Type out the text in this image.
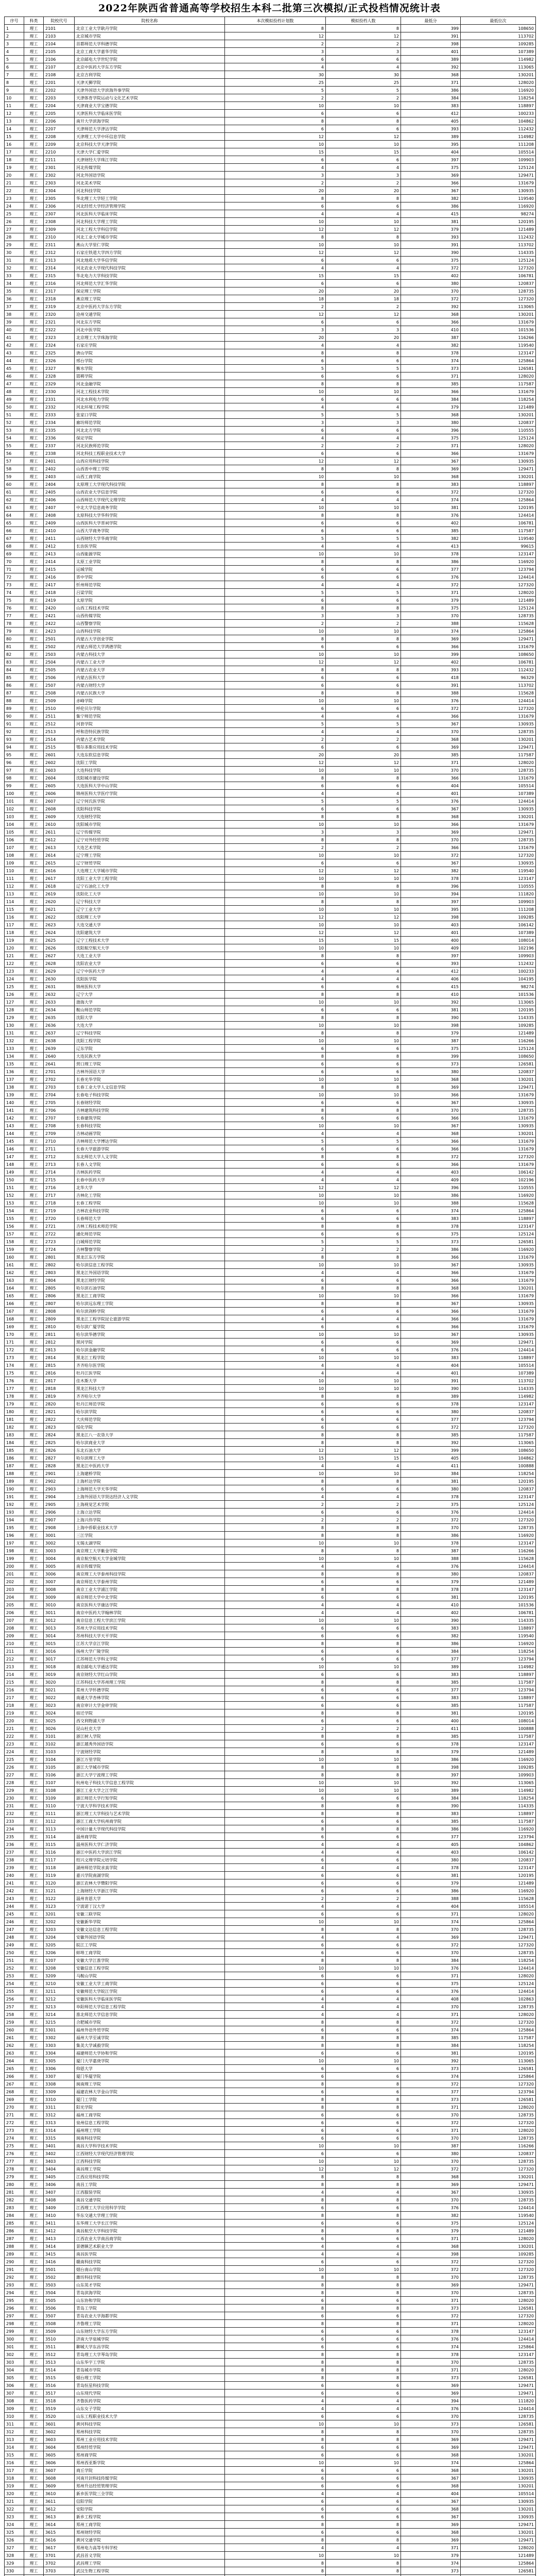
2022年陕西省普通高等学校招生本科二批第三次模拟/正式投档情况统计表
序号	科类	院校代号	院校名称	本次模拟投档计划数	模拟投档人数	最低分	最低位次
1	理工	2101	北京工业大学耿丹学院	8	8	399	108650
2	理工	2103	北京城市学院	12	12	391	113702
3	理工	2104	首都师范大学科德学院	2	2	398	109285
4	理工	2105	北京工商大学嘉华学院	3	3	401	107389
5	理工	2106	北京邮电大学世纪学院	6	6	389	114982
6	理工	2107	北京中医药大学东方学院	4	4	392	113065
7	理工	2108	北京吉利学院	30	30	368	130201
8	理工	2201	天津天狮学院	25	25	371	128020
9	理工	2202	天津外国语大学滨海外事学院	5	5	386	116920
10	理工	2203	天津体育学院运动与文化艺术学院	2	2	384	118254
11	理工	2204	天津商业大学宝德学院	10	10	383	118897
12	理工	2205	天津医科大学临床医学院	6	6	412	100233
13	理工	2206	南开大学滨海学院	8	8	405	104862
14	理工	2207	天津师范大学津沽学院	6	6	393	112432
15	理工	2208	天津理工大学中环信息学院	12	12	389	114982
16	理工	2209	北京科技大学天津学院	10	10	395	111208
17	理工	2210	天津大学仁爱学院	15	15	404	105514
18	理工	2211	天津财经大学珠江学院	6	6	397	109903
19	理工	2301	河北传媒学院	4	4	375	125124
20	理工	2302	河北外国语学院	3	3	369	129471
21	理工	2303	河北美术学院	2	2	366	131679
22	理工	2304	河北科技学院	20	20	367	130935
23	理工	2305	华北理工大学轻工学院	8	8	382	119540
24	理工	2306	河北经贸大学经济管理学院	6	6	386	116920
25	理工	2307	河北医科大学临床学院	4	4	415	98274
26	理工	2308	河北科技大学理工学院	10	10	381	120195
27	理工	2309	河北工程大学科信学院	12	12	379	121489
28	理工	2310	河北工业大学城市学院	8	8	393	112432
29	理工	2311	燕山大学里仁学院	10	10	391	113702
30	理工	2312	石家庄铁道大学四方学院	12	12	390	114335
31	理工	2313	河北地质大学华信学院	6	6	375	125124
32	理工	2314	河北农业大学现代科技学院	4	4	372	127320
33	理工	2315	华北电力大学科技学院	15	15	402	106781
34	理工	2316	河北师范大学汇华学院	6	6	380	120837
35	理工	2317	保定理工学院	20	20	370	128735
36	理工	2318	燕京理工学院	18	18	372	127320
37	理工	2319	北京中医药大学东方学院	2	2	392	113065
38	理工	2320	沧州交通学院	12	12	368	130201
39	理工	2321	河北东方学院	6	6	366	131679
40	理工	2322	河北中医学院	3	3	410	101536
41	理工	2323	北京理工大学珠海学院	20	20	387	116266
42	理工	2324	石家庄学院	4	4	382	119540
43	理工	2325	唐山学院	8	8	378	123147
44	理工	2326	邢台学院	6	6	374	125864
45	理工	2327	衡水学院	5	5	373	126581
46	理工	2328	邯郸学院	6	6	371	128020
47	理工	2329	河北金融学院	8	8	385	117587
48	理工	2330	河北工程技术学院	10	10	366	131679
49	理工	2331	河北水利电力学院	6	6	384	118254
50	理工	2332	河北环境工程学院	4	4	379	121489
51	理工	2333	张家口学院	5	5	368	130201
52	理工	2334	廊坊师范学院	3	3	380	120837
53	理工	2335	河北北方学院	6	6	396	110555
54	理工	2336	保定学院	4	4	375	125124
55	理工	2337	河北民族师范学院	2	2	371	128020
56	理工	2338	河北科技工程职业技术大学	6	6	366	131679
57	理工	2401	山西应用科技学院	12	12	367	130935
58	理工	2402	山西晋中理工学院	8	8	369	129471
59	理工	2403	山西工商学院	10	10	368	130201
60	理工	2404	太原理工大学现代科技学院	8	8	383	118897
61	理工	2405	山西农业大学信息学院	6	6	372	127320
62	理工	2406	山西师范大学现代文理学院	4	4	374	125864
63	理工	2407	中北大学信息商务学院	10	10	381	120195
64	理工	2408	太原科技大学华科学院	8	8	376	124414
65	理工	2409	山西医科大学晋祠学院	6	6	402	106781
66	理工	2410	山西大学商务学院	6	6	385	117587
67	理工	2411	山西财经大学华商学院	5	5	382	119540
68	理工	2412	长治医学院	4	4	413	99615
69	理工	2413	山西能源学院	10	10	378	123147
70	理工	2414	太原工业学院	8	8	386	116920
71	理工	2415	运城学院	6	6	377	123794
72	理工	2416	晋中学院	6	6	376	124414
73	理工	2417	忻州师范学院	4	4	372	127320
74	理工	2418	吕梁学院	5	5	371	128020
75	理工	2419	太原学院	6	6	379	121489
76	理工	2420	山西工程技术学院	8	8	375	125124
77	理工	2421	山西传媒学院	3	3	370	128735
78	理工	2422	山西警察学院	2	2	388	115628
79	理工	2423	山西科技学院	10	10	374	125864
80	理工	2501	内蒙古大学创业学院	8	8	369	129471
81	理工	2502	内蒙古师范大学鸿德学院	6	6	366	131679
82	理工	2503	内蒙古科技大学	10	10	399	108650
83	理工	2504	内蒙古工业大学	12	12	402	106781
84	理工	2505	内蒙古农业大学	8	8	393	112432
85	理工	2506	内蒙古医科大学	6	6	418	96329
86	理工	2507	内蒙古财经大学	6	6	391	113702
87	理工	2508	内蒙古民族大学	8	8	388	115628
88	理工	2509	赤峰学院	10	10	376	124414
89	理工	2510	呼伦贝尔学院	6	6	372	127320
90	理工	2511	集宁师范学院	4	4	366	131679
91	理工	2512	河套学院	5	5	367	130935
92	理工	2513	呼和浩特民族学院	4	4	370	128735
93	理工	2514	内蒙古艺术学院	2	2	368	130201
94	理工	2515	鄂尔多斯应用技术学院	6	6	369	129471
95	理工	2601	大连东软信息学院	20	20	385	117587
96	理工	2602	沈阳工学院	12	12	371	128020
97	理工	2603	大连科技学院	10	10	370	128735
98	理工	2604	沈阳城市建设学院	8	8	366	131679
99	理工	2605	大连医科大学中山学院	6	6	404	105514
100	理工	2606	锦州医科大学医疗学院	4	4	401	107389
101	理工	2607	辽宁何氏医学院	5	5	376	124414
102	理工	2608	沈阳科技学院	6	6	367	130935
103	理工	2609	大连财经学院	8	8	368	130201
104	理工	2610	沈阳城市学院	10	10	366	131679
105	理工	2611	辽宁传媒学院	3	3	369	129471
106	理工	2612	辽宁对外经贸学院	8	8	370	128735
107	理工	2613	大连艺术学院	2	2	366	131679
108	理工	2614	辽宁理工学院	10	10	372	127320
109	理工	2615	辽宁财贸学院	6	6	367	130935
110	理工	2616	大连理工大学城市学院	12	12	382	119540
111	理工	2617	沈阳工业大学工程学院	10	10	378	123147
112	理工	2618	辽宁石油化工大学	8	8	396	110555
113	理工	2619	沈阳化工大学	10	10	394	111820
114	理工	2620	辽宁科技大学	8	8	397	109903
115	理工	2621	辽宁工业大学	10	10	395	111208
116	理工	2622	沈阳理工大学	12	12	398	109285
117	理工	2623	大连交通大学	10	10	403	106142
118	理工	2624	沈阳建筑大学	12	12	401	107389
119	理工	2625	辽宁工程技术大学	15	15	400	108014
120	理工	2626	沈阳航空航天大学	10	10	409	102196
121	理工	2627	大连工业大学	8	8	397	109903
122	理工	2628	沈阳农业大学	6	6	393	112432
123	理工	2629	辽宁中医药大学	4	4	412	100233
124	理工	2630	沈阳医学院	4	4	406	104195
125	理工	2631	锦州医科大学	6	6	415	98274
126	理工	2632	辽宁大学	8	8	410	101536
127	理工	2633	渤海大学	10	10	392	113065
128	理工	2634	鞍山师范学院	6	6	381	120195
129	理工	2635	沈阳大学	8	8	390	114335
130	理工	2636	大连大学	10	10	398	109285
131	理工	2637	辽宁科技学院	8	8	379	121489
132	理工	2638	沈阳工程学院	10	10	387	116266
133	理工	2639	辽东学院	6	6	375	125124
134	理工	2640	大连民族大学	8	8	399	108650
135	理工	2641	营口理工学院	6	6	373	126581
136	理工	2701	吉林外国语大学	6	6	380	120837
137	理工	2702	长春光华学院	10	10	368	130201
138	理工	2703	长春工业大学人文信息学院	8	8	369	129471
139	理工	2704	长春电子科技学院	10	10	366	131679
140	理工	2705	长春财经学院	6	6	367	130935
141	理工	2706	吉林建筑科技学院	8	8	370	128735
142	理工	2707	长春建筑学院	6	6	366	131679
143	理工	2708	长春科技学院	10	10	367	130935
144	理工	2709	吉林动画学院	4	4	368	130201
145	理工	2710	吉林师范大学博达学院	5	5	366	131679
146	理工	2711	长春大学旅游学院	6	6	366	131679
147	理工	2712	东北师范大学人文学院	8	8	372	127320
148	理工	2713	长春人文学院	6	6	366	131679
149	理工	2714	吉林医药学院	4	4	403	106142
150	理工	2715	长春中医药大学	4	4	409	102196
151	理工	2716	北华大学	12	12	396	110555
152	理工	2717	吉林化工学院	10	10	386	116920
153	理工	2718	长春工程学院	10	10	388	115628
154	理工	2719	吉林农业科技学院	6	6	374	125864
155	理工	2720	长春师范大学	6	6	383	118897
156	理工	2721	吉林工程技术师范学院	8	8	378	123147
157	理工	2722	通化师范学院	6	6	375	125124
158	理工	2723	白城师范学院	5	5	373	126581
159	理工	2724	吉林警察学院	2	2	386	116920
160	理工	2801	黑龙江东方学院	8	8	366	131679
161	理工	2802	哈尔滨信息工程学院	10	10	367	130935
162	理工	2803	黑龙江外国语学院	4	4	366	131679
163	理工	2804	黑龙江财经学院	6	6	366	131679
164	理工	2805	哈尔滨石油学院	8	8	368	130201
165	理工	2806	黑龙江工商学院	10	10	366	131679
166	理工	2807	哈尔滨远东理工学院	8	8	367	130935
167	理工	2808	哈尔滨剑桥学院	6	6	366	131679
168	理工	2809	黑龙江工程学院昆仑旅游学院	4	4	366	131679
169	理工	2810	哈尔滨广厦学院	6	6	366	131679
170	理工	2811	哈尔滨华德学院	10	10	367	130935
171	理工	2812	黑河学院	6	6	369	129471
172	理工	2813	哈尔滨金融学院	6	6	376	124414
173	理工	2814	黑龙江工程学院	10	10	383	118897
174	理工	2815	齐齐哈尔医学院	4	4	404	105514
175	理工	2816	牡丹江医学院	4	4	401	107389
176	理工	2817	佳木斯大学	10	10	391	113702
177	理工	2818	黑龙江科技大学	10	10	390	114335
178	理工	2819	齐齐哈尔大学	8	8	389	114982
179	理工	2820	牡丹江师范学院	6	6	378	123147
180	理工	2821	哈尔滨学院	6	6	380	120837
181	理工	2822	大庆师范学院	6	6	377	123794
182	理工	2823	绥化学院	6	6	372	127320
183	理工	2824	黑龙江八一农垦大学	8	8	385	117587
184	理工	2825	哈尔滨商业大学	8	8	392	113065
185	理工	2826	东北石油大学	12	12	399	108650
186	理工	2827	哈尔滨理工大学	15	15	405	104862
187	理工	2828	黑龙江中医药大学	4	4	411	100888
188	理工	2901	上海建桥学院	10	10	384	118254
189	理工	2902	上海杉达学院	8	8	381	120195
190	理工	2903	上海师范大学天华学院	6	6	380	120837
191	理工	2904	上海外国语大学贤达经济人文学院	4	4	378	123147
192	理工	2905	上海视觉艺术学院	2	2	375	125124
193	理工	2906	上海立达学院	6	6	376	124414
194	理工	2907	上海兴伟学院	2	2	372	127320
195	理工	2908	上海中侨职业技术大学	8	8	370	128735
196	理工	3001	三江学院	8	8	386	116920
197	理工	3002	无锡太湖学院	10	10	378	123147
198	理工	3003	南京理工大学紫金学院	8	8	387	116266
199	理工	3004	南京航空航天大学金城学院	10	10	388	115628
200	理工	3005	南京传媒学院	4	4	376	124414
201	理工	3006	南京理工大学泰州科技学院	8	8	380	120837
202	理工	3007	南京师范大学泰州学院	6	6	379	121489
203	理工	3008	南京工业大学浦江学院	8	8	378	123147
204	理工	3009	南京师范大学中北学院	6	6	381	120195
205	理工	3010	南京医科大学康达学院	4	4	410	101536
206	理工	3011	南京中医药大学翰林学院	4	4	402	106781
207	理工	3012	南京信息工程大学滨江学院	10	10	390	114335
208	理工	3013	苏州大学应用技术学院	6	6	383	118897
209	理工	3014	苏州科技大学天平学院	6	6	382	119540
210	理工	3015	江苏大学京江学院	8	8	386	116920
211	理工	3016	扬州大学广陵学院	6	6	384	118254
212	理工	3017	江苏师范大学科文学院	6	6	377	123794
213	理工	3018	南京邮电大学通达学院	10	10	389	114982
214	理工	3019	南京财经大学红山学院	6	6	383	118897
215	理工	3020	江苏科技大学苏州理工学院	8	8	385	117587
216	理工	3021	常州大学怀德学院	6	6	377	123794
217	理工	3022	南通大学杏林学院	6	6	383	118897
218	理工	3023	南京审计大学金审学院	6	6	385	117587
219	理工	3024	宿迁学院	8	8	381	120195
220	理工	3025	西交利物浦大学	6	6	400	108014
221	理工	3026	昆山杜克大学	2	2	411	100888
222	理工	3101	浙江树人学院	8	8	385	117587
223	理工	3102	浙江越秀外国语学院	6	6	378	123147
224	理工	3103	宁波财经学院	8	8	379	121489
225	理工	3104	浙江万里学院	10	10	386	116920
226	理工	3105	浙江大学城市学院	8	8	398	109285
227	理工	3106	浙江大学宁波理工学院	8	8	397	109903
228	理工	3107	杭州电子科技大学信息工程学院	10	10	392	113065
229	理工	3108	浙江工业大学之江学院	10	10	389	114982
230	理工	3109	浙江师范大学行知学院	6	6	384	118254
231	理工	3110	宁波大学科学技术学院	8	8	390	114335
232	理工	3111	浙江理工大学科技与艺术学院	8	8	383	118897
233	理工	3112	浙江工商大学杭州商学院	6	6	385	117587
234	理工	3113	中国计量大学现代科技学院	8	8	386	116920
235	理工	3114	温州商学院	6	6	377	123794
236	理工	3115	温州医科大学仁济学院	4	4	405	104862
237	理工	3116	浙江中医药大学滨江学院	4	4	403	106142
238	理工	3117	绍兴文理学院元培学院	6	6	380	120837
239	理工	3118	湖州师范学院求真学院	4	4	378	123147
240	理工	3119	嘉兴学院南湖学院	6	6	381	120195
241	理工	3120	浙江农林大学暨阳学院	6	6	379	121489
242	理工	3121	上海财经大学浙江学院	6	6	386	116920
243	理工	3122	温州肯恩大学	2	2	388	115628
244	理工	3123	宁波诺丁汉大学	4	4	404	105514
245	理工	3201	安徽三联学院	6	6	371	128020
246	理工	3202	安徽新华学院	10	10	374	125864
247	理工	3203	安徽文达信息工程学院	8	8	370	128735
248	理工	3204	安徽外国语学院	4	4	369	129471
249	理工	3205	皖江工学院	6	6	372	127320
250	理工	3206	蚌埠工商学院	6	6	370	128735
251	理工	3207	安徽大学江淮学院	8	8	384	118254
252	理工	3208	安徽信息工程学院	10	10	376	124414
253	理工	3209	马鞍山学院	6	6	371	128020
254	理工	3210	安徽工业大学工商学院	6	6	375	125124
255	理工	3211	安徽师范大学皖江学院	6	6	376	124414
256	理工	3212	安徽医科大学临床医学院	4	4	408	102863
257	理工	3213	阜阳师范大学信息工程学院	4	4	370	128735
258	理工	3214	淮北师范大学信息学院	4	4	371	128020
259	理工	3215	合肥城市学院	8	8	372	127320
260	理工	3301	福州外语外贸学院	6	6	374	125864
261	理工	3302	福州大学至诚学院	8	8	385	117587
262	理工	3303	集美大学诚毅学院	8	8	384	118254
263	理工	3304	福建师范大学协和学院	6	6	381	120195
264	理工	3305	厦门大学嘉庚学院	10	10	392	113065
265	理工	3306	仰恩大学	6	6	373	126581
266	理工	3307	厦门华厦学院	6	6	374	125864
267	理工	3308	闽南理工学院	8	8	372	127320
268	理工	3309	福建农林大学金山学院	6	6	377	123794
269	理工	3310	厦门工学院	8	8	373	126581
270	理工	3311	阳光学院	8	8	371	128020
271	理工	3312	福州工商学院	6	6	370	128735
272	理工	3313	泉州信息工程学院	6	6	372	127320
273	理工	3314	福州理工学院	6	6	371	128020
274	理工	3315	闽南科技学院	6	6	370	128735
275	理工	3401	南昌大学科学技术学院	10	10	387	116266
276	理工	3402	江西财经大学现代经济管理学院	6	6	380	120837
277	理工	3403	江西科技学院	10	10	370	128735
278	理工	3404	南昌理工学院	12	12	372	127320
279	理工	3405	江西应用科技学院	8	8	368	130201
280	理工	3406	南昌工学院	8	8	369	129471
281	理工	3407	江西服装学院	4	4	367	130935
282	理工	3408	南昌交通学院	8	8	370	128735
283	理工	3409	江西理工大学应用科学学院	6	6	376	124414
284	理工	3410	华东交通大学理工学院	8	8	382	119540
285	理工	3411	东华理工大学长江学院	6	6	375	125124
286	理工	3412	南昌航空大学科技学院	8	8	379	121489
287	理工	3413	江西农业大学南昌商学院	6	6	371	128020
288	理工	3414	景德镇艺术职业大学	4	4	368	130201
289	理工	3415	南昌医学院	4	4	398	109285
290	理工	3416	赣南科技学院	6	6	372	127320
291	理工	3501	烟台南山学院	10	10	372	127320
292	理工	3502	潍坊科技学院	8	8	370	128735
293	理工	3503	山东英才学院	8	8	369	129471
294	理工	3504	青岛滨海学院	8	8	370	128735
295	理工	3505	山东协和学院	6	6	371	128020
296	理工	3506	青岛工学院	8	8	373	126581
297	理工	3507	青岛农业大学海都学院	6	6	372	127320
298	理工	3508	齐鲁理工学院	8	8	371	128020
299	理工	3509	山东财经大学东方学院	6	6	378	123147
300	理工	3510	济南大学泉城学院	6	6	376	124414
301	理工	3511	聊城大学东昌学院	6	6	374	125864
302	理工	3512	青岛理工大学琴岛学院	8	8	378	123147
303	理工	3513	山东华宇工学院	8	8	370	128735
304	理工	3514	青岛城市学院	8	8	371	128020
305	理工	3515	烟台理工学院	8	8	373	126581
306	理工	3516	青岛恒星科技学院	6	6	369	129471
307	理工	3517	山东现代学院	6	6	369	129471
308	理工	3518	齐鲁医药学院	4	4	394	111820
309	理工	3519	山东女子学院	4	4	376	124414
310	理工	3520	山东工程职业技术大学	6	6	370	128735
311	理工	3601	黄河科技学院	10	10	373	126581
312	理工	3602	郑州科技学院	8	8	370	128735
313	理工	3603	郑州工业应用技术学院	8	8	369	129471
314	理工	3604	郑州经贸学院	6	6	369	129471
315	理工	3605	郑州商学院	6	6	368	130201
316	理工	3606	郑州西亚斯学院	10	10	374	125864
317	理工	3607	商丘学院	6	6	368	130201
318	理工	3608	河南开封科技传媒学院	6	6	367	130935
319	理工	3609	郑州升达经贸管理学院	6	6	368	130201
320	理工	3610	新乡医学院三全学院	4	4	404	105514
321	理工	3611	信阳学院	6	6	367	130935
322	理工	3612	安阳学院	6	6	368	130201
323	理工	3613	新乡工程学院	6	6	367	130935
324	理工	3614	郑州工商学院	8	8	369	129471
325	理工	3615	郑州财经学院	6	6	368	130201
326	理工	3616	黄河交通学院	8	8	369	129471
327	理工	3617	郑州电力高等专科学校	4	4	371	128020
328	理工	3701	武昌首义学院	10	10	379	121489
329	理工	3702	武昌理工学院	8	8	374	125864
330	理工	3703	武汉生物工程学院	8	8	373	126581
